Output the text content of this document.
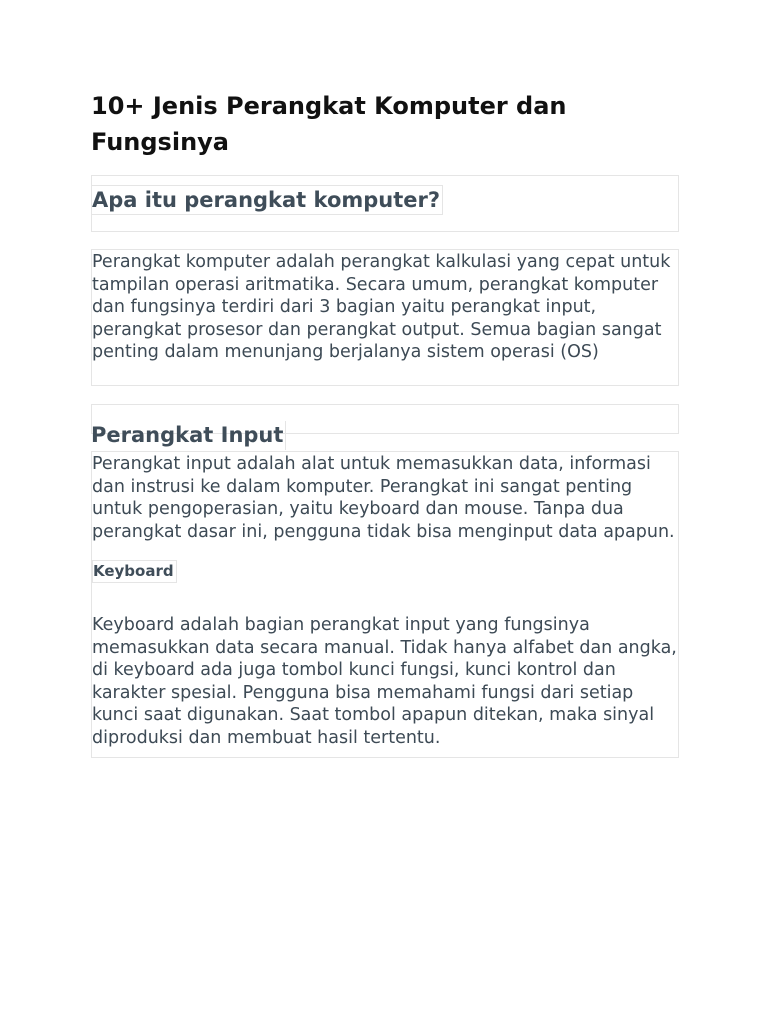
10+ Jenis Perangkat Komputer dan Fungsinya
Apa itu perangkat komputer?

Perangkat komputer adalah perangkat kalkulasi yang cepat untuk tampilan operasi aritmatika. Secara umum, perangkat komputer dan fungsinya terdiri dari 3 bagian yaitu perangkat input, perangkat prosesor dan perangkat output. Semua bagian sangat penting dalam menunjang berjalanya sistem operasi (OS)

Perangkat Input

Perangkat input adalah alat untuk memasukkan data, informasi dan instrusi ke dalam komputer. Perangkat ini sangat penting untuk pengoperasian, yaitu keyboard dan mouse. Tanpa dua perangkat dasar ini, pengguna tidak bisa menginput data apapun.

Keyboard

Keyboard adalah bagian perangkat input yang fungsinya memasukkan data secara manual. Tidak hanya alfabet dan angka, di keyboard ada juga tombol kunci fungsi, kunci kontrol dan karakter spesial. Pengguna bisa memahami fungsi dari setiap kunci saat digunakan. Saat tombol apapun ditekan, maka sinyal diproduksi dan membuat hasil tertentu.
